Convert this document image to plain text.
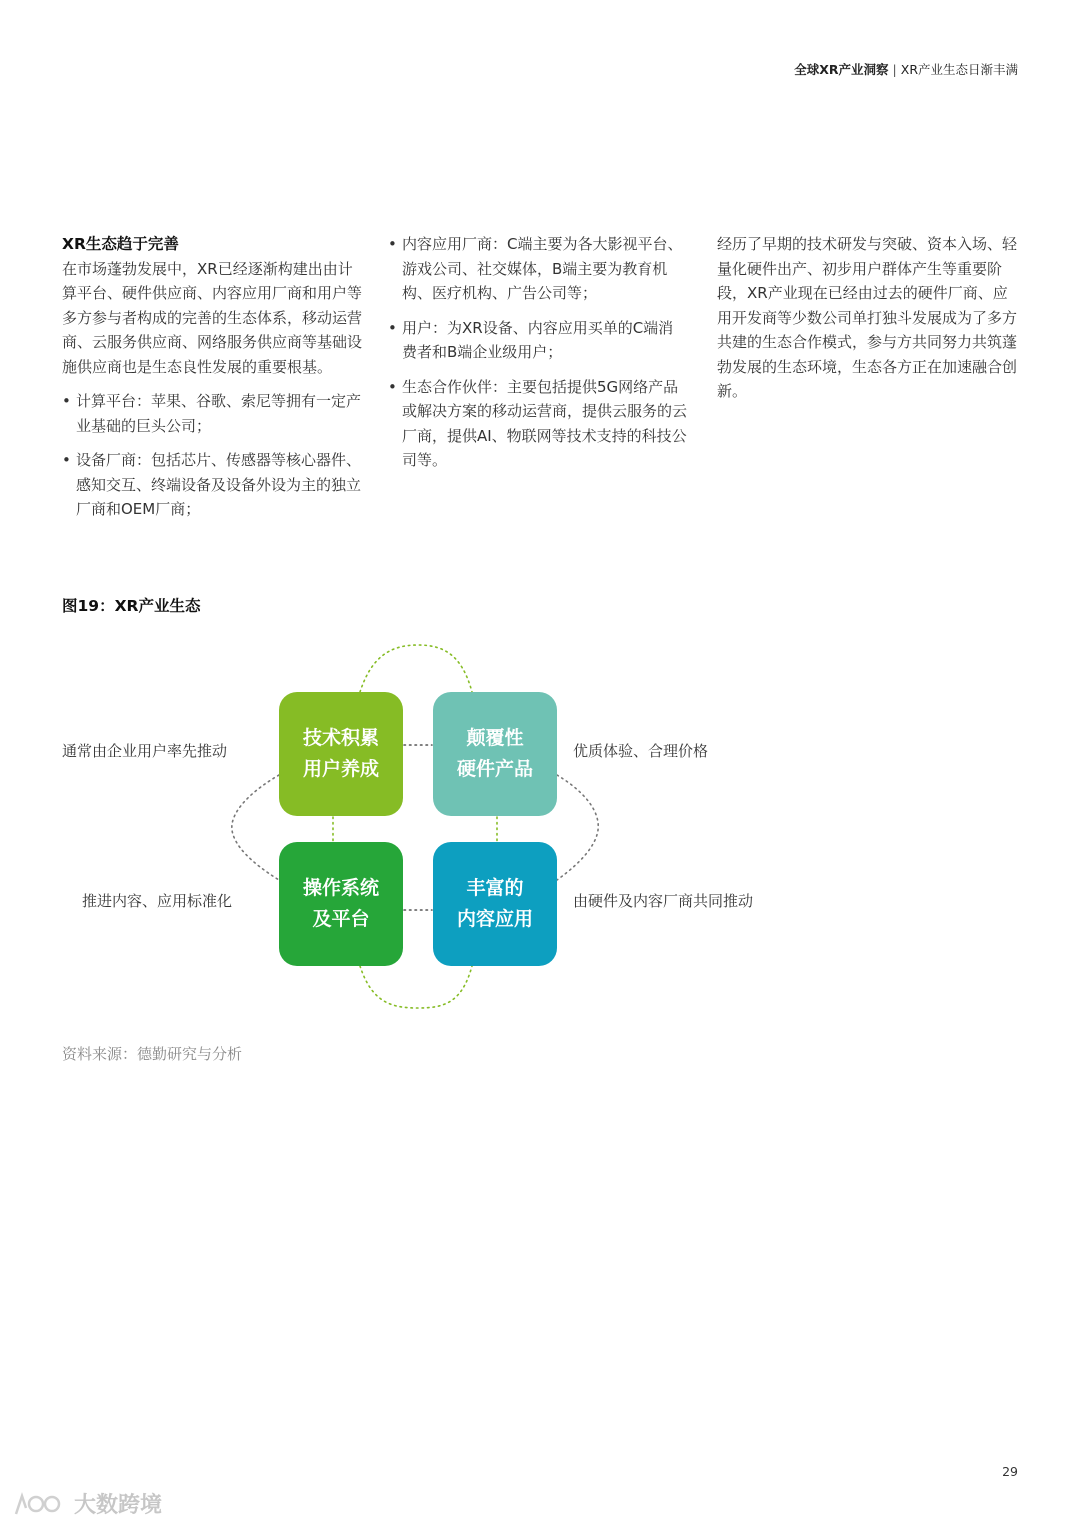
全球XR产业洞察 | XR产业生态日渐丰满
XR生态趋于完善

在市场蓬勃发展中，XR已经逐渐构建出由计算平台、硬件供应商、内容应用厂商和用户等多方参与者构成的完善的生态体系，移动运营商、云服务供应商、网络服务供应商等基础设施供应商也是生态良性发展的重要根基。

• 计算平台：苹果、谷歌、索尼等拥有一定产业基础的巨头公司；
• 设备厂商：包括芯片、传感器等核心器件、感知交互、终端设备及设备外设为主的独立厂商和OEM厂商；
• 内容应用厂商：C端主要为各大影视平台、游戏公司、社交媒体，B端主要为教育机构、医疗机构、广告公司等；
• 用户：为XR设备、内容应用买单的C端消费者和B端企业级用户；
• 生态合作伙伴：主要包括提供5G网络产品或解决方案的移动运营商，提供云服务的云厂商，提供AI、物联网等技术支持的科技公司等。

经历了早期的技术研发与突破、资本入场、轻量化硬件出产、初步用户群体产生等重要阶段，XR产业现在已经由过去的硬件厂商、应用开发商等少数公司单打独斗发展成为了多方共建的生态合作模式，参与方共同努力共筑蓬勃发展的生态环境，生态各方正在加速融合创新。

图19：XR产业生态
技术积累
用户养成
颠覆性
硬件产品
操作系统
及平台
丰富的
内容应用
通常由企业用户率先推动	优质体验、合理价格
推进内容、应用标准化	由硬件及内容厂商共同推动
资料来源：德勤研究与分析
29
大数跨境
